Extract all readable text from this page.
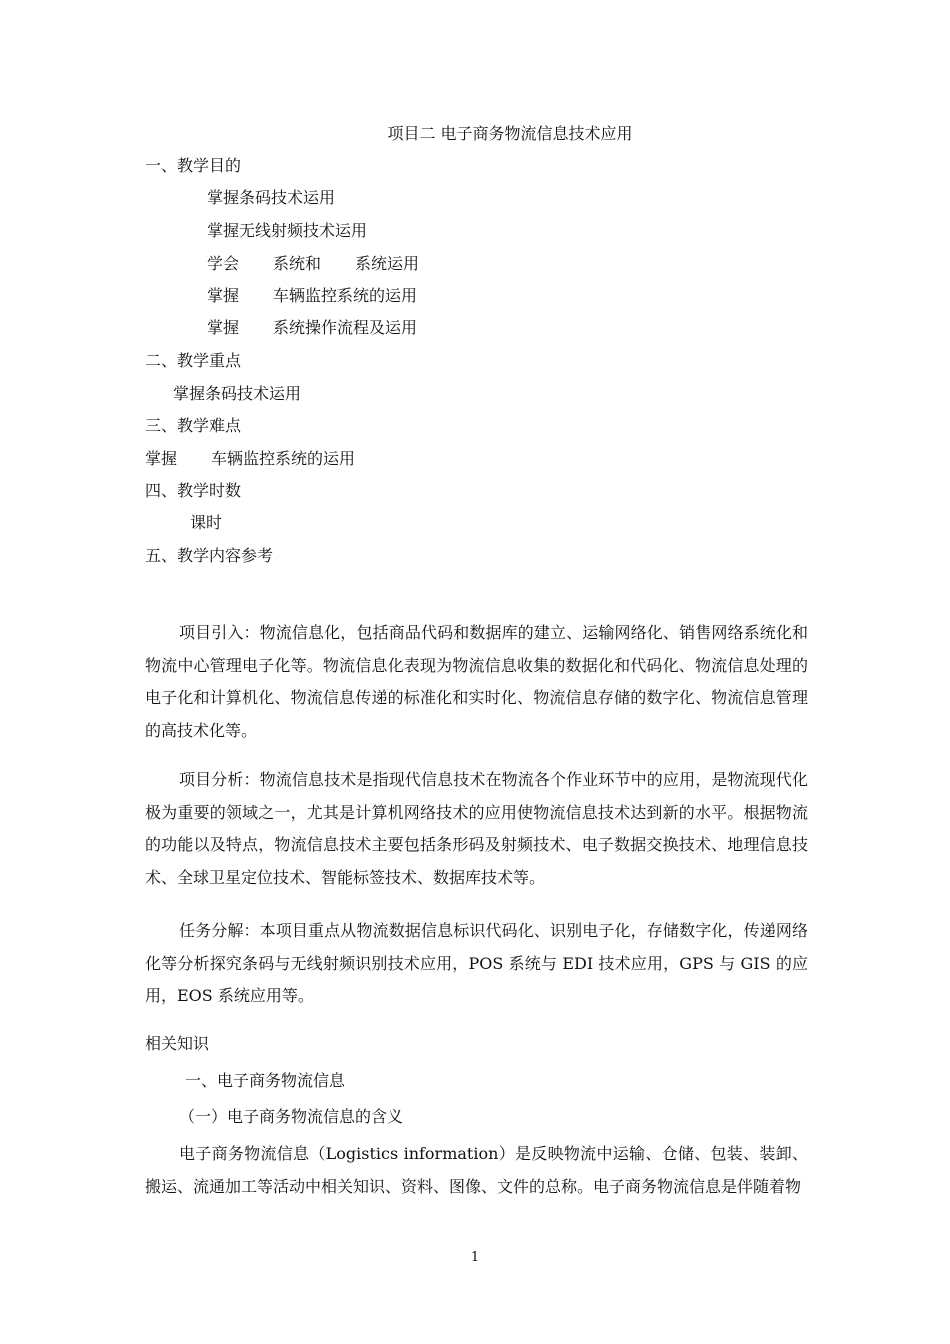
项目二 电子商务物流信息技术应用
一、教学目的
掌握条码技术运用
掌握无线射频技术运用
学会 系统和 系统运用
掌握 车辆监控系统的运用
掌握 系统操作流程及运用
二、教学重点
掌握条码技术运用
三、教学难点
掌握 车辆监控系统的运用
四、教学时数
课时
五、教学内容参考
项目引入：物流信息化，包括商品代码和数据库的建立、运输网络化、销售网络系统化和物流中心管理电子化等。物流信息化表现为物流信息收集的数据化和代码化、物流信息处理的电子化和计算机化、物流信息传递的标准化和实时化、物流信息存储的数字化、物流信息管理的高技术化等。
项目分析：物流信息技术是指现代信息技术在物流各个作业环节中的应用，是物流现代化极为重要的领域之一，尤其是计算机网络技术的应用使物流信息技术达到新的水平。根据物流的功能以及特点，物流信息技术主要包括条形码及射频技术、电子数据交换技术、地理信息技术、全球卫星定位技术、智能标签技术、数据库技术等。
任务分解：本项目重点从物流数据信息标识代码化、识别电子化，存储数字化，传递网络化等分析探究条码与无线射频识别技术应用，POS 系统与 EDI 技术应用，GPS 与 GIS 的应用，EOS 系统应用等。
相关知识
一、电子商务物流信息
（一）电子商务物流信息的含义
电子商务物流信息（Logistics information）是反映物流中运输、仓储、包装、装卸、搬运、流通加工等活动中相关知识、资料、图像、文件的总称。电子商务物流信息是伴随着物
1
